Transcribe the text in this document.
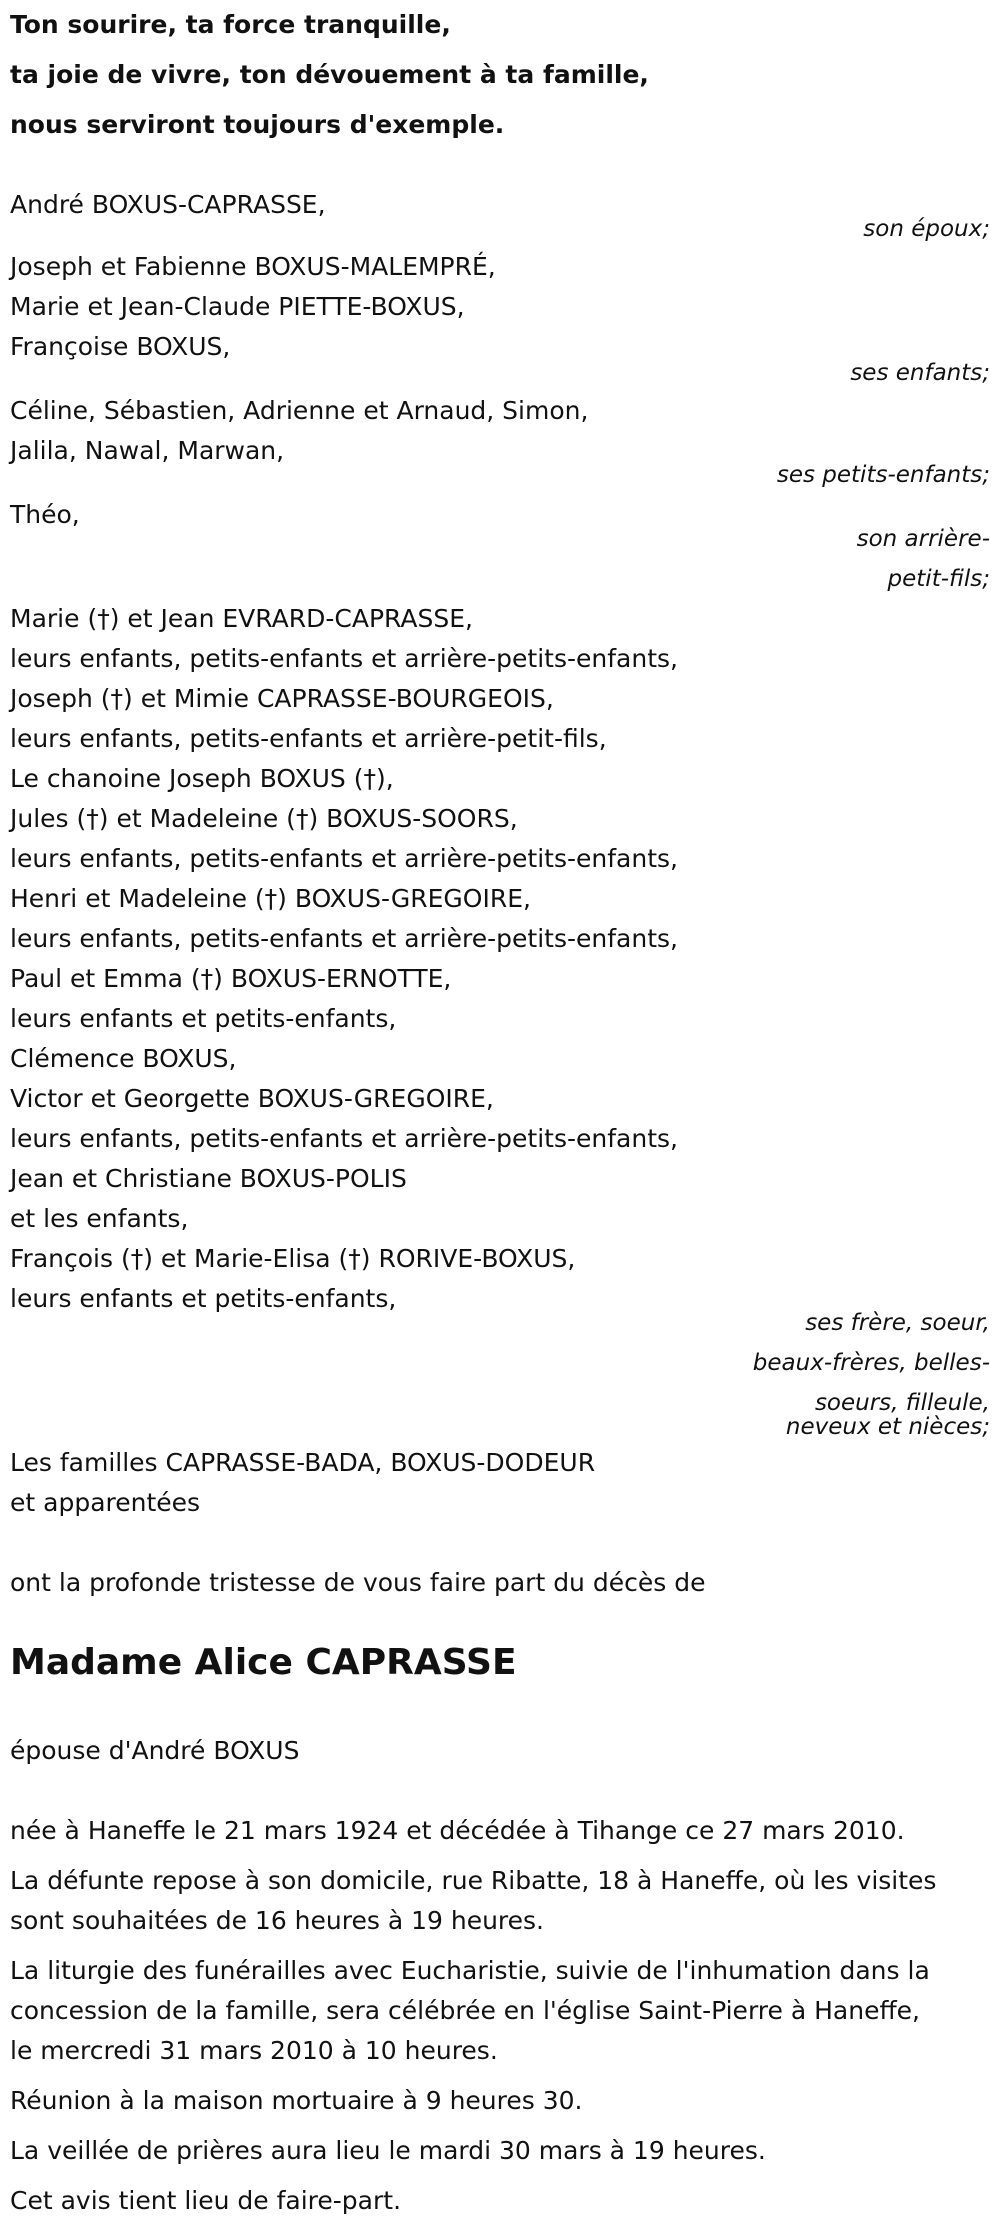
Ton sourire, ta force tranquille,
ta joie de vivre, ton dévouement à ta famille,
nous serviront toujours d'exemple.
André BOXUS-CAPRASSE,
son époux;
Joseph et Fabienne BOXUS-MALEMPRÉ,
Marie et Jean-Claude PIETTE-BOXUS,
Françoise BOXUS,
ses enfants;
Céline, Sébastien, Adrienne et Arnaud, Simon,
Jalila, Nawal, Marwan,
ses petits-enfants;
Théo,
son arrière-
petit-fils;
Marie (†) et Jean EVRARD-CAPRASSE,
leurs enfants, petits-enfants et arrière-petits-enfants,
Joseph (†) et Mimie CAPRASSE-BOURGEOIS,
leurs enfants, petits-enfants et arrière-petit-fils,
Le chanoine Joseph BOXUS (†),
Jules (†) et Madeleine (†) BOXUS-SOORS,
leurs enfants, petits-enfants et arrière-petits-enfants,
Henri et Madeleine (†) BOXUS-GREGOIRE,
leurs enfants, petits-enfants et arrière-petits-enfants,
Paul et Emma (†) BOXUS-ERNOTTE,
leurs enfants et petits-enfants,
Clémence BOXUS,
Victor et Georgette BOXUS-GREGOIRE,
leurs enfants, petits-enfants et arrière-petits-enfants,
Jean et Christiane BOXUS-POLIS
et les enfants,
François (†) et Marie-Elisa (†) RORIVE-BOXUS,
leurs enfants et petits-enfants,
ses frère, soeur,
beaux-frères, belles-
soeurs, filleule,
neveux et nièces;
Les familles CAPRASSE-BADA, BOXUS-DODEUR
et apparentées
ont la profonde tristesse de vous faire part du décès de
Madame Alice CAPRASSE
épouse d'André BOXUS
née à Haneffe le 21 mars 1924 et décédée à Tihange ce 27 mars 2010.
La défunte repose à son domicile, rue Ribatte, 18 à Haneffe, où les visites
sont souhaitées de 16 heures à 19 heures.
La liturgie des funérailles avec Eucharistie, suivie de l'inhumation dans la
concession de la famille, sera célébrée en l'église Saint-Pierre à Haneffe,
le mercredi 31 mars 2010 à 10 heures.
Réunion à la maison mortuaire à 9 heures 30.
La veillée de prières aura lieu le mardi 30 mars à 19 heures.
Cet avis tient lieu de faire-part.
